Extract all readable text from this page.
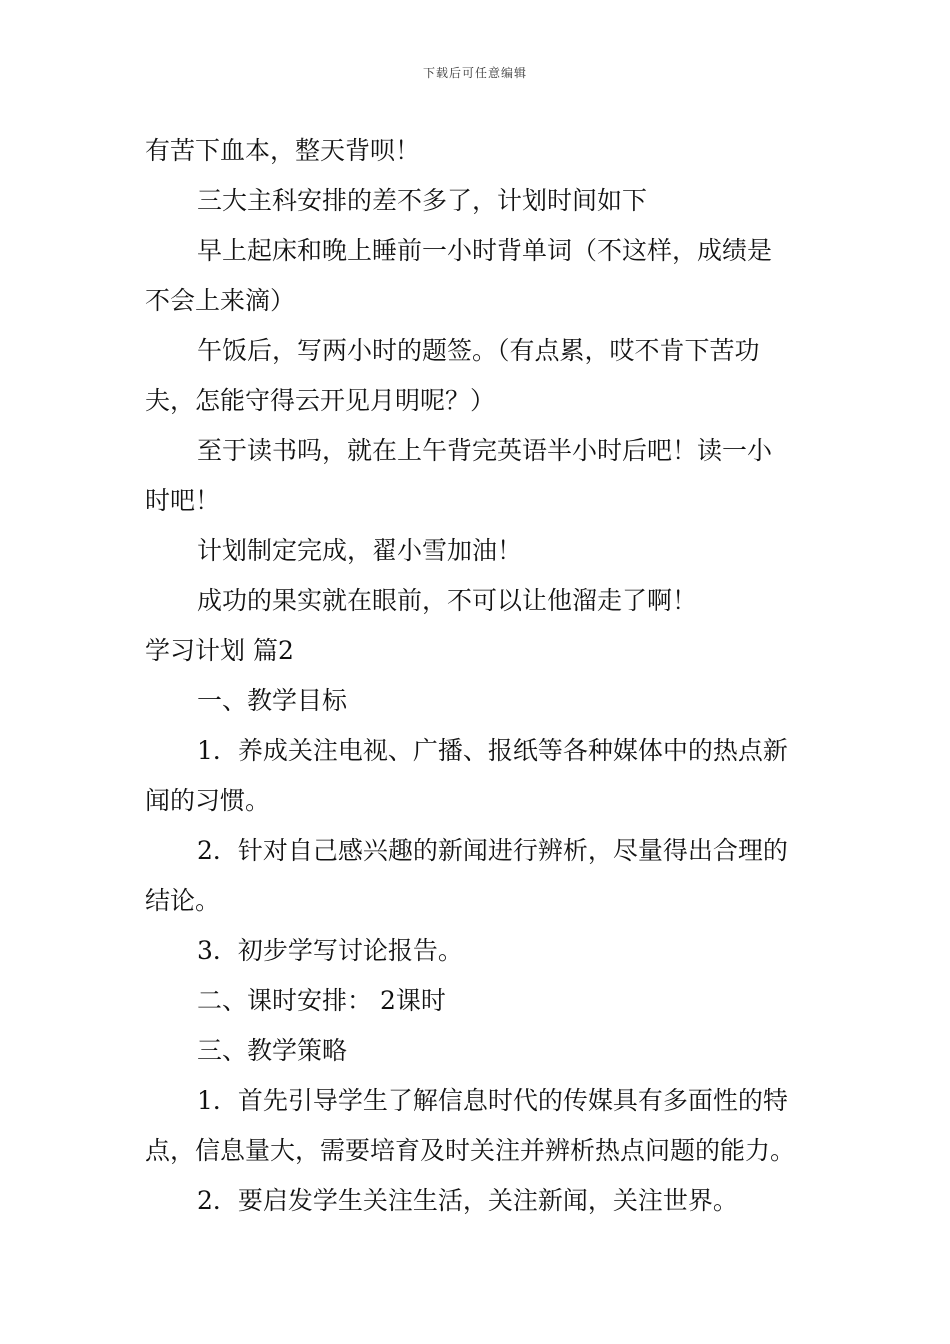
下载后可任意编辑
有苦下血本，整天背呗！
三大主科安排的差不多了，计划时间如下
早上起床和晚上睡前一小时背单词（不这样，成绩是
不会上来滴）
午饭后，写两小时的题签。（有点累，哎不肯下苦功
夫，怎能守得云开见月明呢？）
至于读书吗，就在上午背完英语半小时后吧！读一小
时吧！
计划制定完成，翟小雪加油！
成功的果实就在眼前，不可以让他溜走了啊！
学习计划 篇2
一、教学目标
1．养成关注电视、广播、报纸等各种媒体中的热点新
闻的习惯。
2．针对自己感兴趣的新闻进行辨析，尽量得出合理的
结论。
3．初步学写讨论报告。
二、课时安排： 2课时
三、教学策略
1．首先引导学生了解信息时代的传媒具有多面性的特
点，信息量大，需要培育及时关注并辨析热点问题的能力。
2．要启发学生关注生活，关注新闻，关注世界。
